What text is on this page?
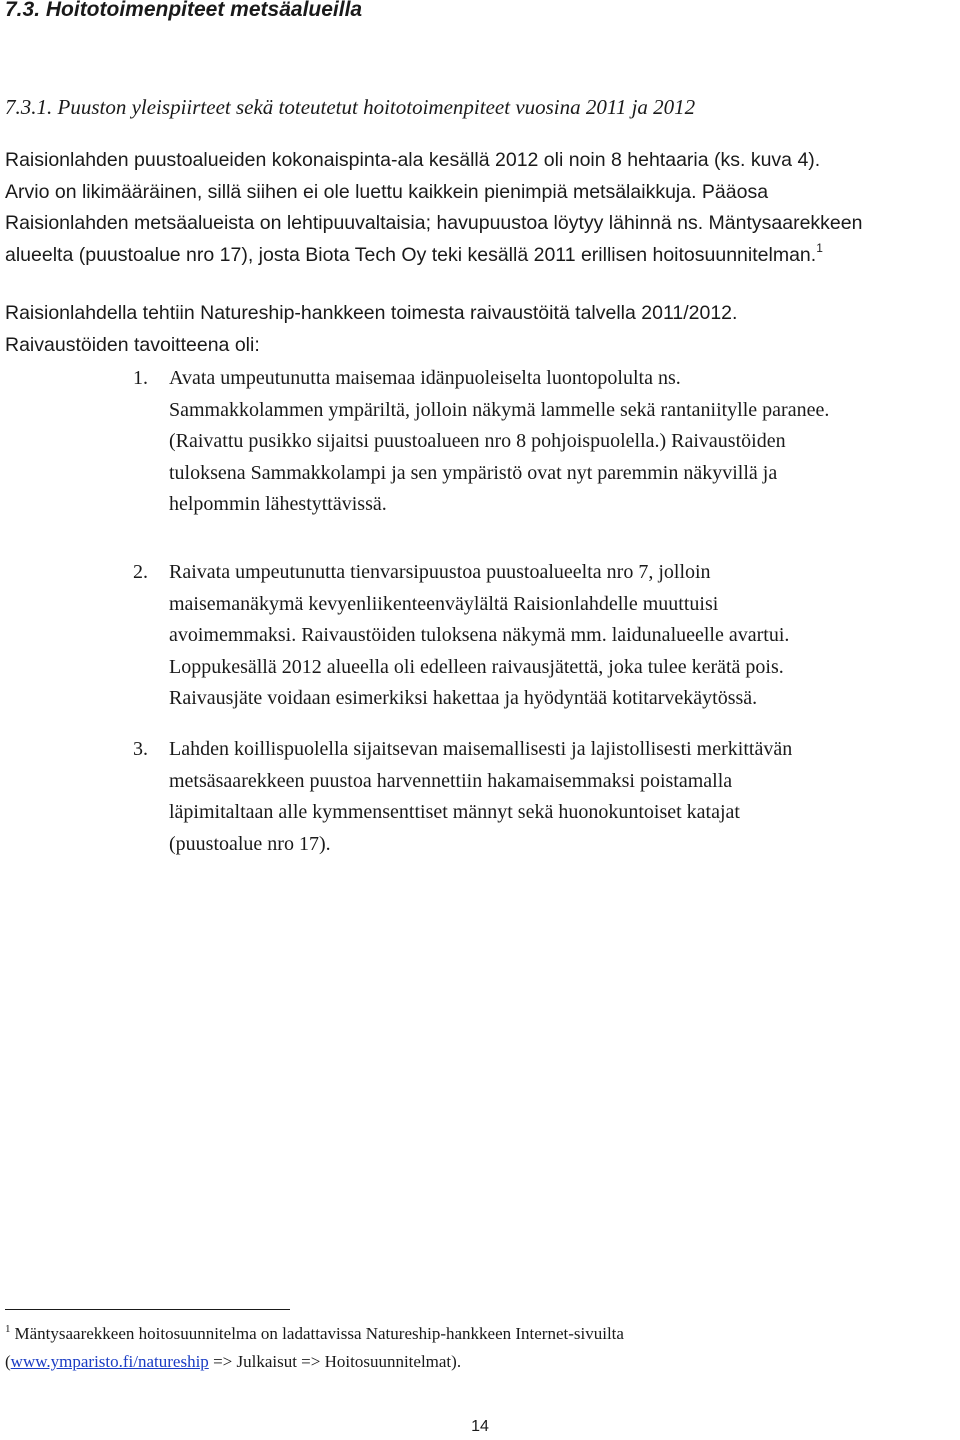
7.3. Hoitotoimenpiteet metsäalueilla
7.3.1. Puuston yleispiirteet sekä toteutetut hoitotoimenpiteet vuosina 2011 ja 2012
Raisionlahden puustoalueiden kokonaispinta-ala kesällä 2012 oli noin 8 hehtaaria (ks. kuva 4).
Arvio on likimääräinen, sillä siihen ei ole luettu kaikkein pienimpiä metsälaikkuja. Pääosa
Raisionlahden metsäalueista on lehtipuuvaltaisia; havupuustoa löytyy lähinnä ns. Mäntysaarekkeen
alueelta (puustoalue nro 17), josta Biota Tech Oy teki kesällä 2011 erillisen hoitosuunnitelman.$^1$
Raisionlahdella tehtiin Natureship-hankkeen toimesta raivaustöitä talvella 2011/2012.
Raivaustöiden tavoitteena oli:
1. Avata umpeutunutta maisemaa idänpuoleiselta luontopolulta ns.
Sammakkolammen ympäriltä, jolloin näkymä lammelle sekä rantaniitylle paranee.
(Raivattu pusikko sijaitsi puustoalueen nro 8 pohjoispuolella.) Raivaustöiden
tuloksena Sammakkolampi ja sen ympäristö ovat nyt paremmin näkyvillä ja
helpommin lähestyttävissä.
2. Raivata umpeutunutta tienvarsipuustoa puustoalueelta nro 7, jolloin
maisemanäkymä kevyenliikenteenväylältä Raisionlahdelle muuttuisi
avoimemmaksi. Raivaustöiden tuloksena näkymä mm. laidunalueelle avartui.
Loppukesällä 2012 alueella oli edelleen raivausjätettä, joka tulee kerätä pois.
Raivausjäte voidaan esimerkiksi hakettaa ja hyödyntää kotitarvekäytössä.
3. Lahden koillispuolella sijaitsevan maisemallisesti ja lajistollisesti merkittävän
metsäsaarekkeen puustoa harvennettiin hakamaisemmaksi poistamalla
läpimitaltaan alle kymmensenttiset männyt sekä huonokuntoiset katajat
(puustoalue nro 17).
$^1$ Mäntysaarekkeen hoitosuunnitelma on ladattavissa Natureship-hankkeen Internet-sivuilta
(www.ymparisto.fi/natureship => Julkaisut => Hoitosuunnitelmat).
14
